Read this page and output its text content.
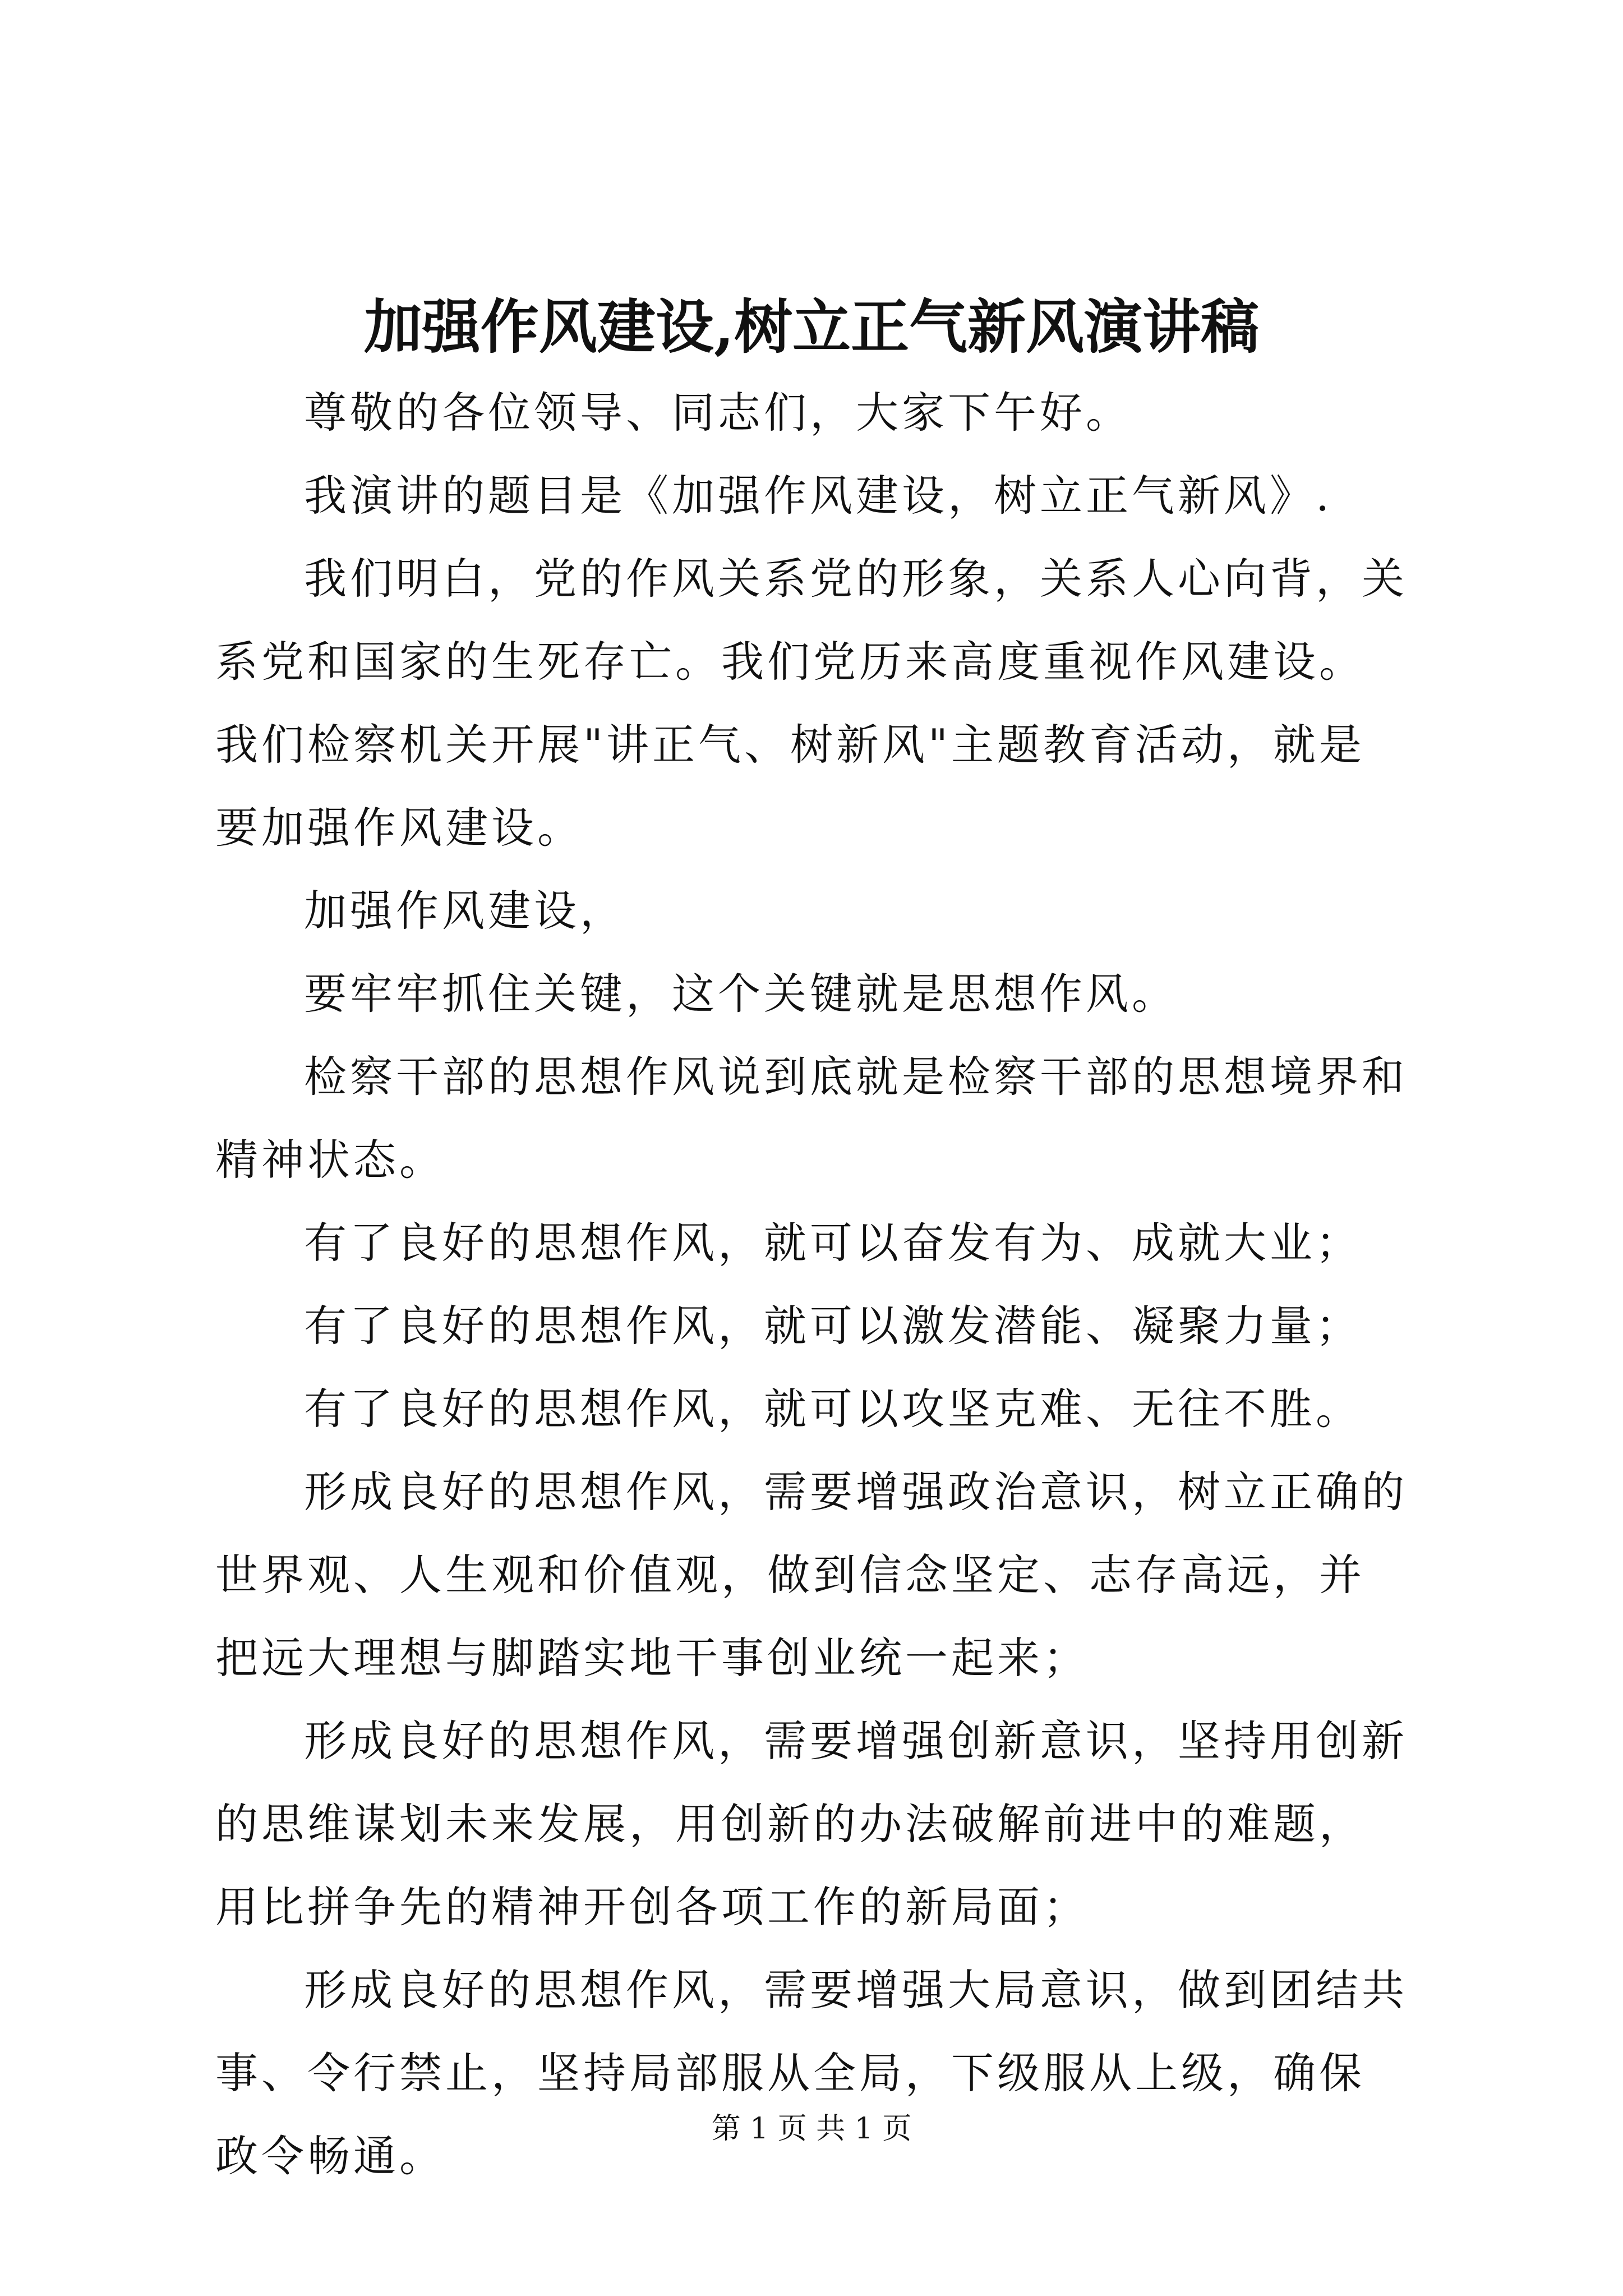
加强作风建设,树立正气新风演讲稿

尊敬的各位领导、同志们，大家下午好。

我演讲的题目是《加强作风建设，树立正气新风》.

我们明白，党的作风关系党的形象，关系人心向背，关系党和国家的生死存亡。我们党历来高度重视作风建设。我们检察机关开展"讲正气、树新风"主题教育活动，就是要加强作风建设。

加强作风建设，

要牢牢抓住关键，这个关键就是思想作风。

检察干部的思想作风说到底就是检察干部的思想境界和精神状态。

有了良好的思想作风，就可以奋发有为、成就大业；

有了良好的思想作风，就可以激发潜能、凝聚力量；

有了良好的思想作风，就可以攻坚克难、无往不胜。

形成良好的思想作风，需要增强政治意识，树立正确的世界观、人生观和价值观，做到信念坚定、志存高远，并把远大理想与脚踏实地干事创业统一起来；

形成良好的思想作风，需要增强创新意识，坚持用创新的思维谋划未来发展，用创新的办法破解前进中的难题，用比拼争先的精神开创各项工作的新局面；

形成良好的思想作风，需要增强大局意识，做到团结共事、令行禁止，坚持局部服从全局，下级服从上级，确保政令畅通。

第 1 页 共 1 页
